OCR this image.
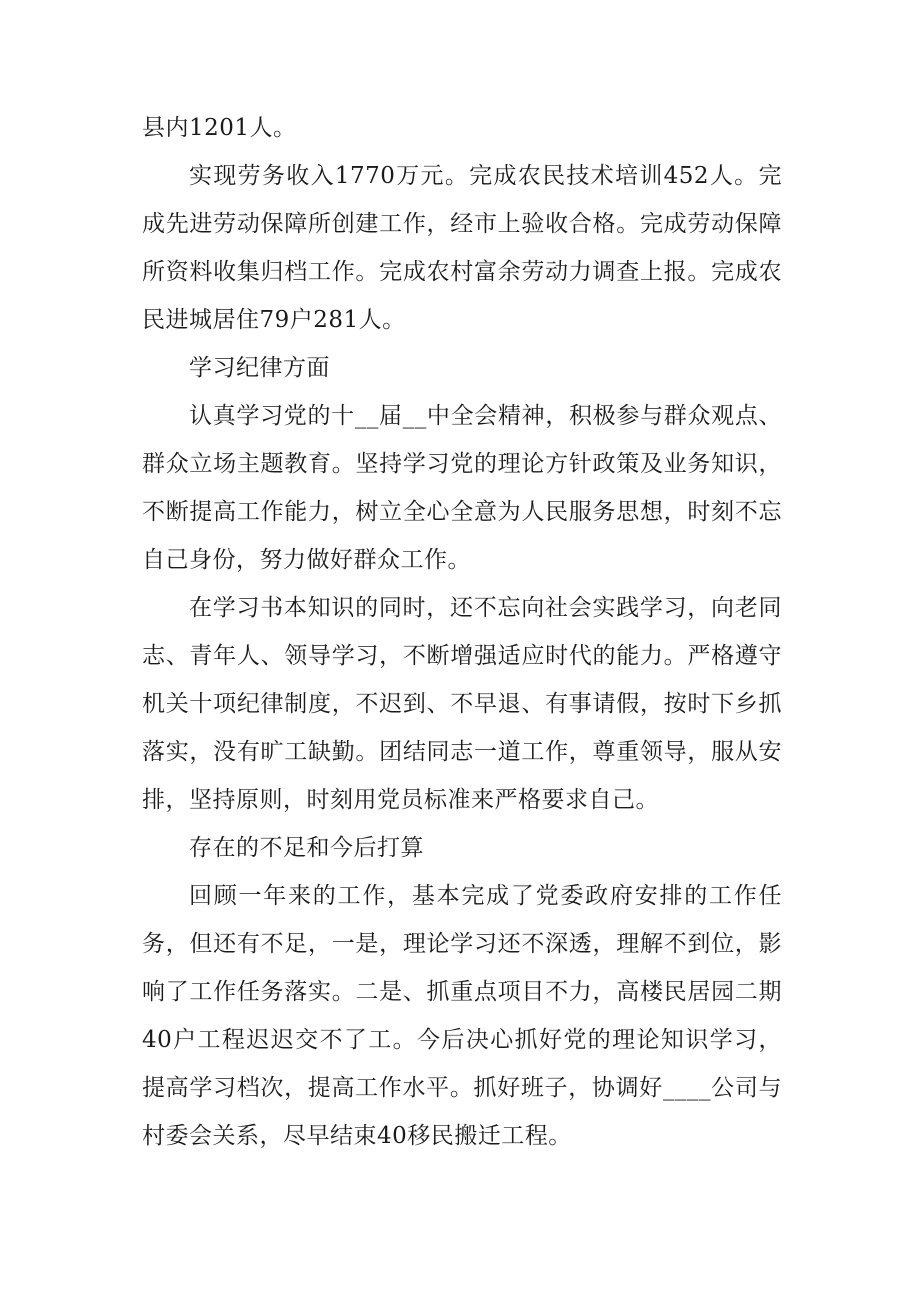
县内1201人。

实现劳务收入1770万元。完成农民技术培训452人。完成先进劳动保障所创建工作，经市上验收合格。完成劳动保障所资料收集归档工作。完成农村富余劳动力调查上报。完成农民进城居住79户281人。

学习纪律方面

认真学习党的十__届__中全会精神，积极参与群众观点、群众立场主题教育。坚持学习党的理论方针政策及业务知识，不断提高工作能力，树立全心全意为人民服务思想，时刻不忘自己身份，努力做好群众工作。

在学习书本知识的同时，还不忘向社会实践学习，向老同志、青年人、领导学习，不断增强适应时代的能力。严格遵守机关十项纪律制度，不迟到、不早退、有事请假，按时下乡抓落实，没有旷工缺勤。团结同志一道工作，尊重领导，服从安排，坚持原则，时刻用党员标准来严格要求自己。

存在的不足和今后打算

回顾一年来的工作，基本完成了党委政府安排的工作任务，但还有不足，一是，理论学习还不深透，理解不到位，影响了工作任务落实。二是、抓重点项目不力，高楼民居园二期40户工程迟迟交不了工。今后决心抓好党的理论知识学习，提高学习档次，提高工作水平。抓好班子，协调好____公司与村委会关系，尽早结束40移民搬迁工程。
